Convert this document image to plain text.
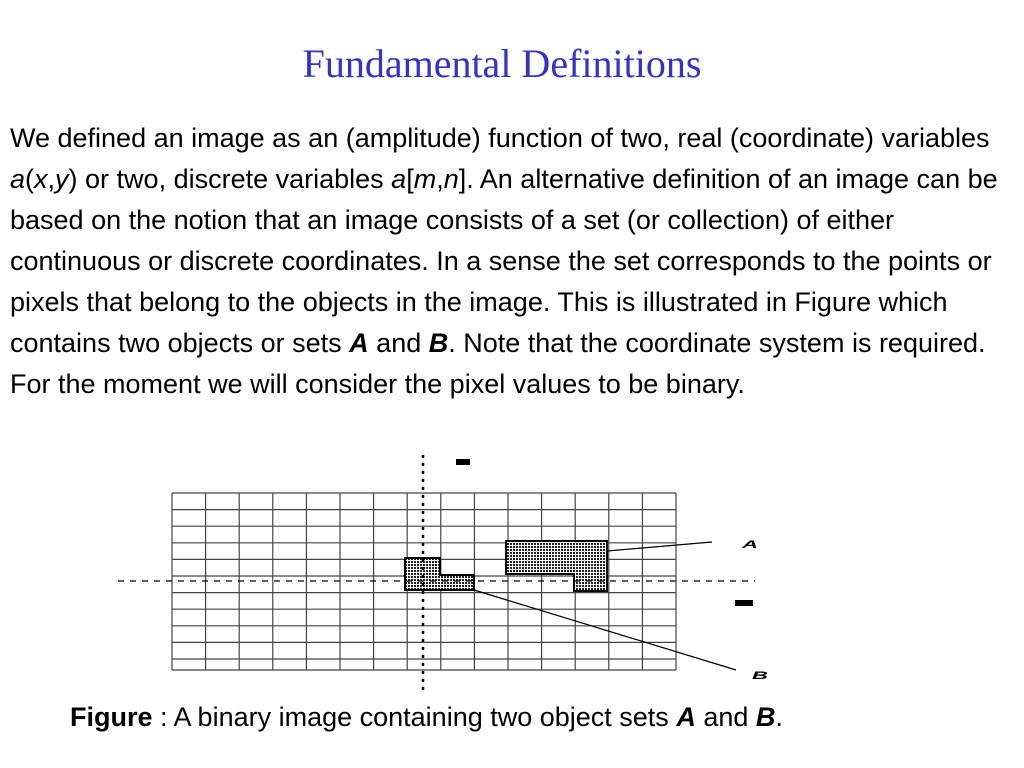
Fundamental Definitions

We defined an image as an (amplitude) function of two, real (coordinate) variables a(x,y) or two, discrete variables a[m,n]. An alternative definition of an image can be based on the notion that an image consists of a set (or collection) of either continuous or discrete coordinates. In a sense the set corresponds to the points or pixels that belong to the objects in the image. This is illustrated in Figure which contains two objects or sets A and B. Note that the coordinate system is required. For the moment we will consider the pixel values to be binary.

A
B

Figure : A binary image containing two object sets A and B.
